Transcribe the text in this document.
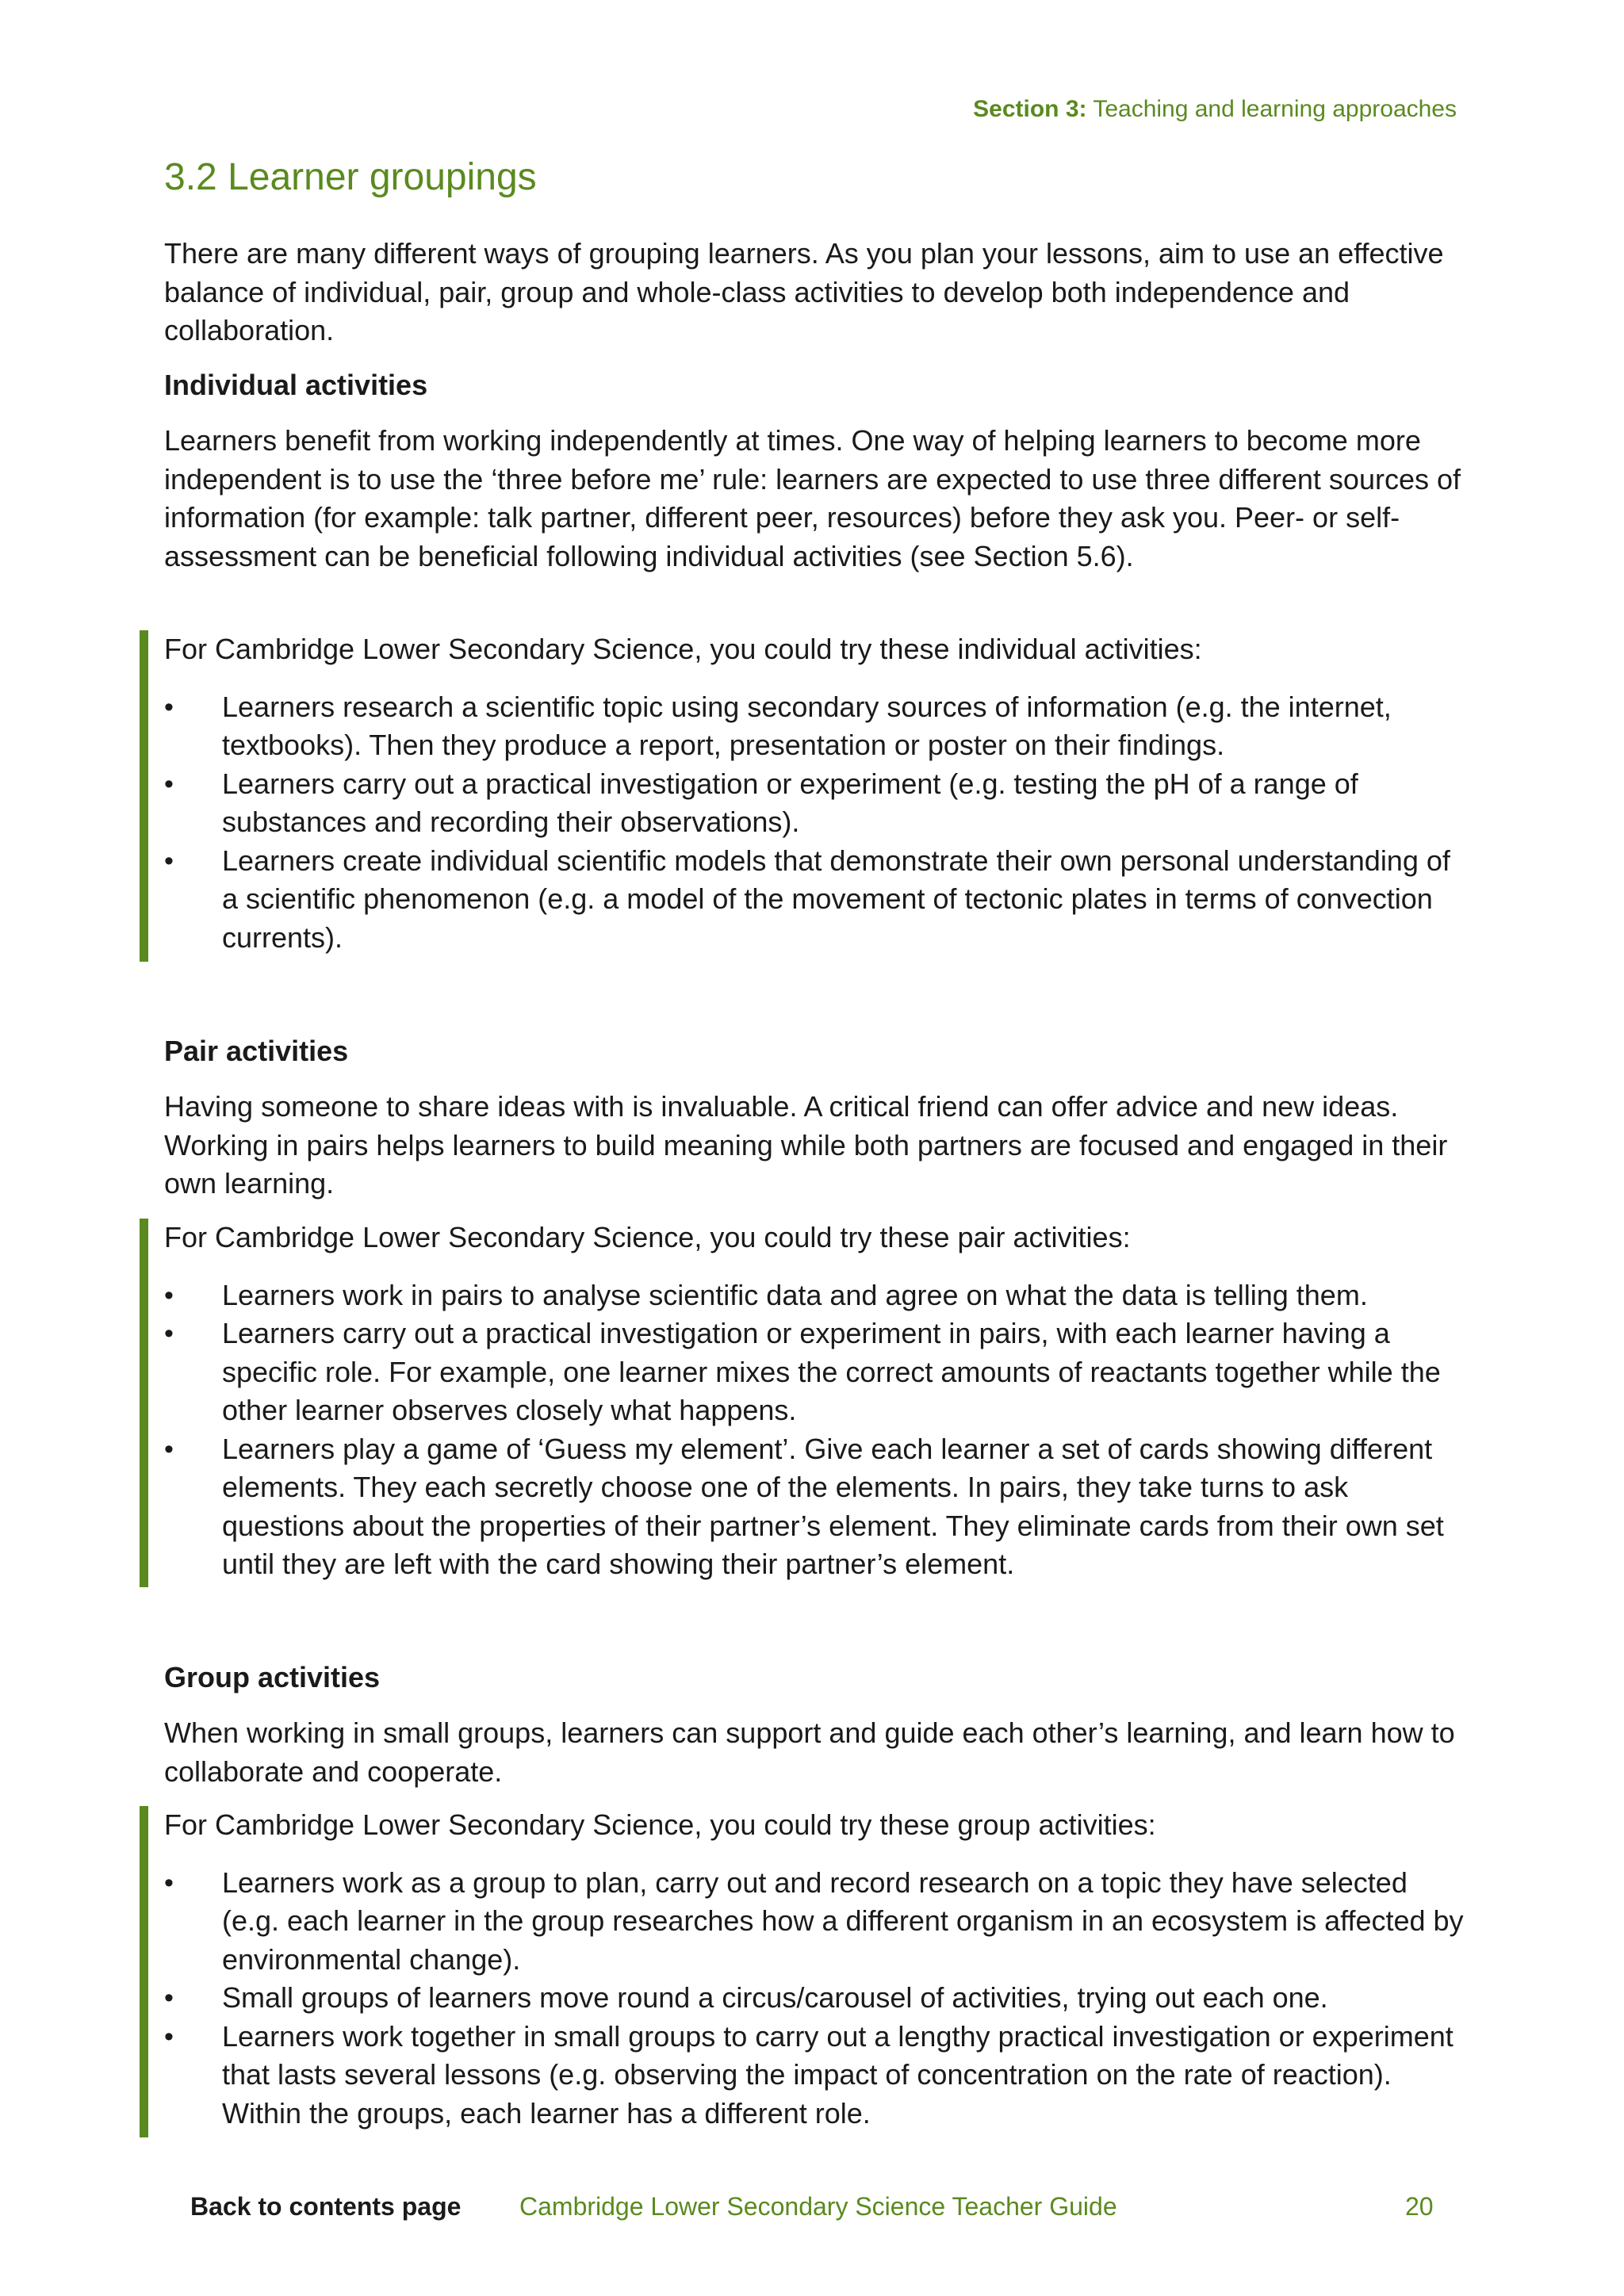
Section 3: Teaching and learning approaches
3.2 Learner groupings

There are many different ways of grouping learners. As you plan your lessons, aim to use an effective balance of individual, pair, group and whole-class activities to develop both independence and collaboration.

Individual activities

Learners benefit from working independently at times. One way of helping learners to become more independent is to use the ‘three before me’ rule: learners are expected to use three different sources of information (for example: talk partner, different peer, resources) before they ask you. Peer- or self-assessment can be beneficial following individual activities (see Section 5.6).

For Cambridge Lower Secondary Science, you could try these individual activities:

• Learners research a scientific topic using secondary sources of information (e.g. the internet, textbooks). Then they produce a report, presentation or poster on their findings.
• Learners carry out a practical investigation or experiment (e.g. testing the pH of a range of substances and recording their observations).
• Learners create individual scientific models that demonstrate their own personal understanding of a scientific phenomenon (e.g. a model of the movement of tectonic plates in terms of convection currents).
Pair activities

Having someone to share ideas with is invaluable. A critical friend can offer advice and new ideas. Working in pairs helps learners to build meaning while both partners are focused and engaged in their own learning.

For Cambridge Lower Secondary Science, you could try these pair activities:

• Learners work in pairs to analyse scientific data and agree on what the data is telling them.
• Learners carry out a practical investigation or experiment in pairs, with each learner having a specific role. For example, one learner mixes the correct amounts of reactants together while the other learner observes closely what happens.
• Learners play a game of ‘Guess my element’. Give each learner a set of cards showing different elements. They each secretly choose one of the elements. In pairs, they take turns to ask questions about the properties of their partner’s element. They eliminate cards from their own set until they are left with the card showing their partner’s element.
Group activities

When working in small groups, learners can support and guide each other’s learning, and learn how to collaborate and cooperate.

For Cambridge Lower Secondary Science, you could try these group activities:

• Learners work as a group to plan, carry out and record research on a topic they have selected (e.g. each learner in the group researches how a different organism in an ecosystem is affected by environmental change).
• Small groups of learners move round a circus/carousel of activities, trying out each one.
• Learners work together in small groups to carry out a lengthy practical investigation or experiment that lasts several lessons (e.g. observing the impact of concentration on the rate of reaction). Within the groups, each learner has a different role.
Back to contents page Cambridge Lower Secondary Science Teacher Guide	20
